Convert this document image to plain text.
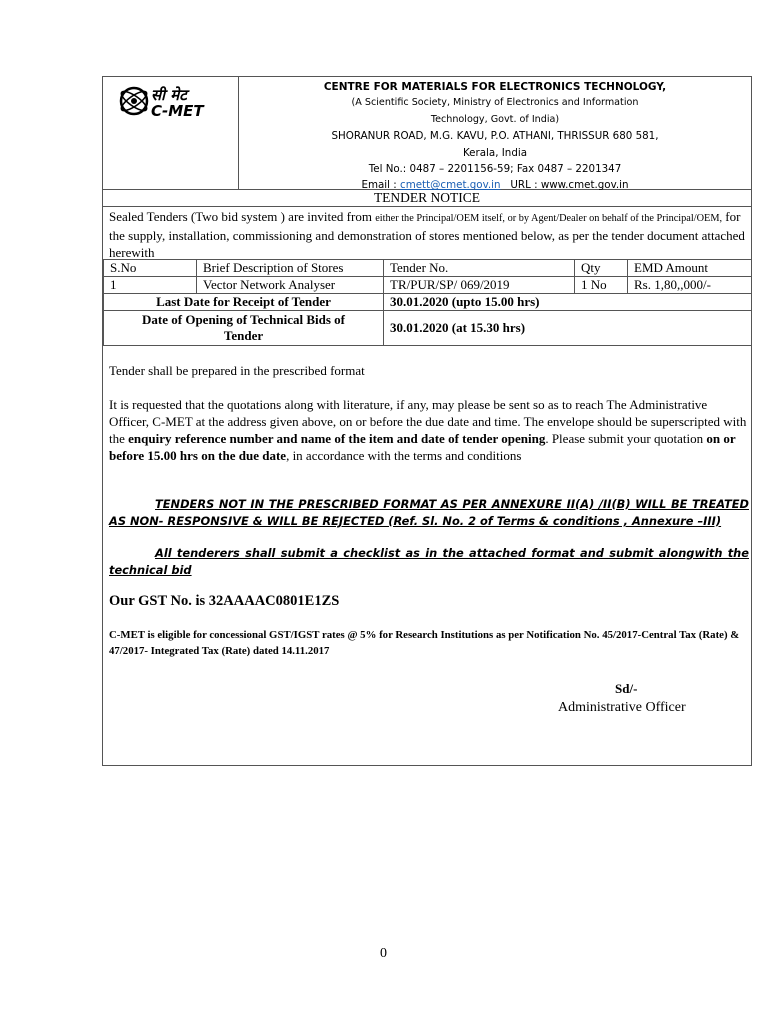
सी मेट
C-MET
CENTRE FOR MATERIALS FOR ELECTRONICS TECHNOLOGY,
(A Scientific Society, Ministry of Electronics and Information
Technology, Govt. of India)
SHORANUR ROAD, M.G. KAVU, P.O. ATHANI, THRISSUR 680 581,
Kerala, India
Tel No.: 0487 – 2201156-59; Fax 0487 – 2201347
Email : cmett@cmet.gov.in   URL : www.cmet.gov.in
TENDER NOTICE
Sealed Tenders (Two bid system ) are invited from either the Principal/OEM itself, or by Agent/Dealer on behalf of the Principal/OEM, for the supply, installation, commissioning and demonstration of stores mentioned below, as per the tender document attached herewith
S.No	Brief Description of Stores	Tender No.	Qty	EMD Amount
1	Vector Network Analyser	TR/PUR/SP/ 069/2019	1 No	Rs. 1,80,,000/-
Last Date for Receipt of Tender		30.01.2020 (upto 15.00 hrs)		
Date of Opening of Technical Bids of Tender		30.01.2020 (at 15.30 hrs)		
Tender shall be prepared in the prescribed format
It is requested that the quotations along with literature, if any, may please be sent so as to reach The Administrative Officer, C-MET at the address given above, on or before the due date and time. The envelope should be superscripted with the enquiry reference number and name of the item and date of tender opening. Please submit your quotation on or before 15.00 hrs on the due date, in accordance with the terms and conditions
TENDERS NOT IN THE PRESCRIBED FORMAT AS PER ANNEXURE II(A) /II(B) WILL BE TREATED AS NON- RESPONSIVE & WILL BE REJECTED (Ref. Sl. No. 2 of Terms & conditions , Annexure –III)
All tenderers shall submit a checklist as in the attached format and submit alongwith the technical bid
Our GST No. is 32AAAAC0801E1ZS
C-MET is eligible for concessional GST/IGST rates @ 5% for Research Institutions as per Notification No. 45/2017-Central Tax (Rate) & 47/2017- Integrated Tax (Rate) dated 14.11.2017
Sd/-
Administrative Officer
0
